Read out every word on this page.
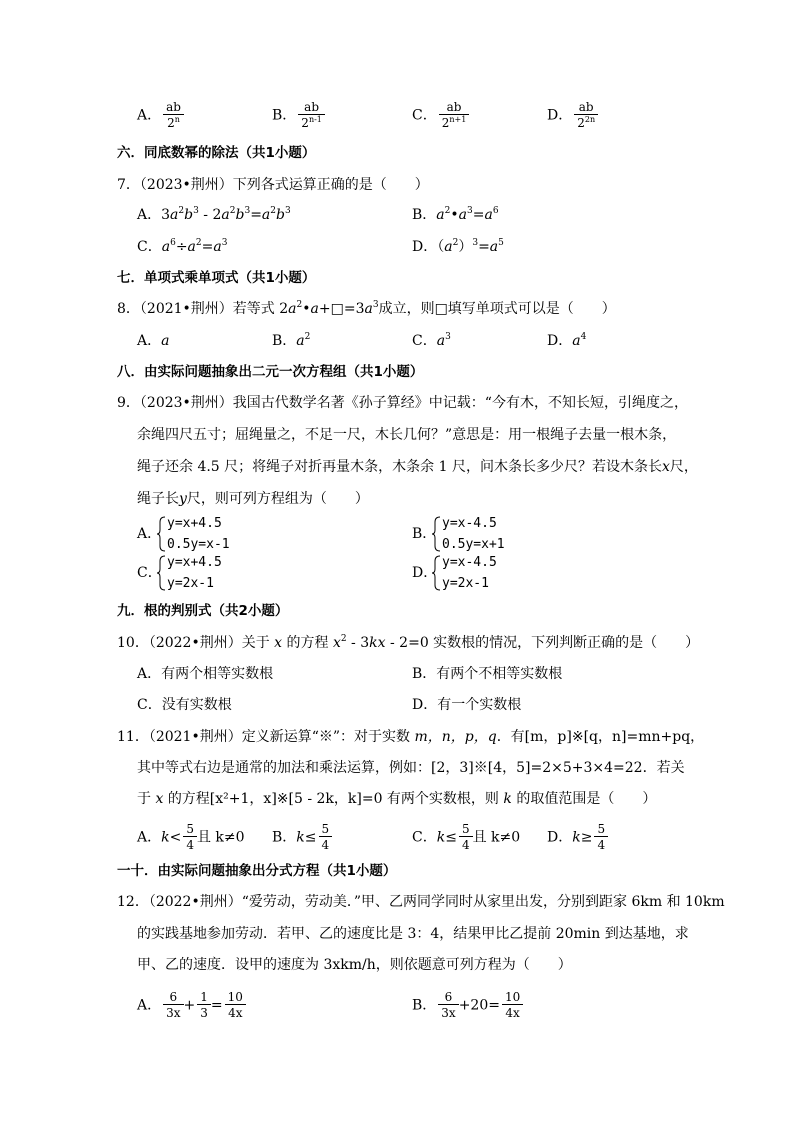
A． $\frac{ab}{2^n}$	B． $\frac{ab}{2^{n-1}}$	C． $\frac{ab}{2^{n+1}}$	D． $\frac{ab}{2^{2n}}$
六．同底数幂的除法（共1小题）
7．（2023•荆州）下列各式运算正确的是（　　）
A．$3a^2b^3 - 2a^2b^3=a^2b^3$	B．$a^2•a^3=a^6$
C．$a^6\div a^2=a^3$	D．$(a^2)^3=a^5$
七．单项式乘单项式（共1小题）
8．（2021•荆州）若等式 $2a^2•a+□=3a^3$成立，则□填写单项式可以是（　　）
A．a	B．$a^2$	C．$a^3$	D．$a^4$
八．由实际问题抽象出二元一次方程组（共1小题）
9．（2023•荆州）我国古代数学名著《孙子算经》中记载：“今有木，不知长短，引绳度之，
余绳四尺五寸；屈绳量之，不足一尺，木长几何？”意思是：用一根绳子去量一根木条，
绳子还余 4.5 尺；将绳子对折再量木条，木条余 1 尺，问木条长多少尺？若设木条长x尺，
绳子长y尺，则可列方程组为（　　）
A．
y=x+4.5
0.5y=x-1
B．
y=x-4.5
0.5y=x+1
C．
y=x+4.5
y=2x-1
D．
y=x-4.5
y=2x-1
九．根的判别式（共2小题）
10．（2022•荆州）关于 x 的方程 $x^2 - 3kx - 2=0$ 实数根的情况，下列判断正确的是（　　）
A．有两个相等实数根	B．有两个不相等实数根
C．没有实数根	D．有一个实数根
11．（2021•荆州）定义新运算“※”：对于实数 m，n，p，q．有[m，p]※[q，n]=mn+pq，
其中等式右边是通常的加法和乘法运算，例如：[2，3]※[4，5]=2×5+3×4=22．若关
于 x 的方程[x²+1，x]※[5 - 2k，k]=0 有两个实数根，则 k 的取值范围是（　　）
A．$k< \frac{5}{4}$ 且 k≠0 B．$k\le \frac{5}{4}$	C．$k\le \frac{5}{4}$ 且 k≠0 D．$k\ge \frac{5}{4}$
一十．由实际问题抽象出分式方程（共1小题）
12．（2022•荆州）“爱劳动，劳动美．”甲、乙两同学同时从家里出发，分别到距家 6km 和 10km
的实践基地参加劳动．若甲、乙的速度比是 3：4，结果甲比乙提前 20min 到达基地，求
甲、乙的速度．设甲的速度为 3xkm/h，则依题意可列方程为（　　）
A． $\frac{6}{3x} + \frac{1}{3} = \frac{10}{4x}$	B． $\frac{6}{3x} +20= \frac{10}{4x}$
